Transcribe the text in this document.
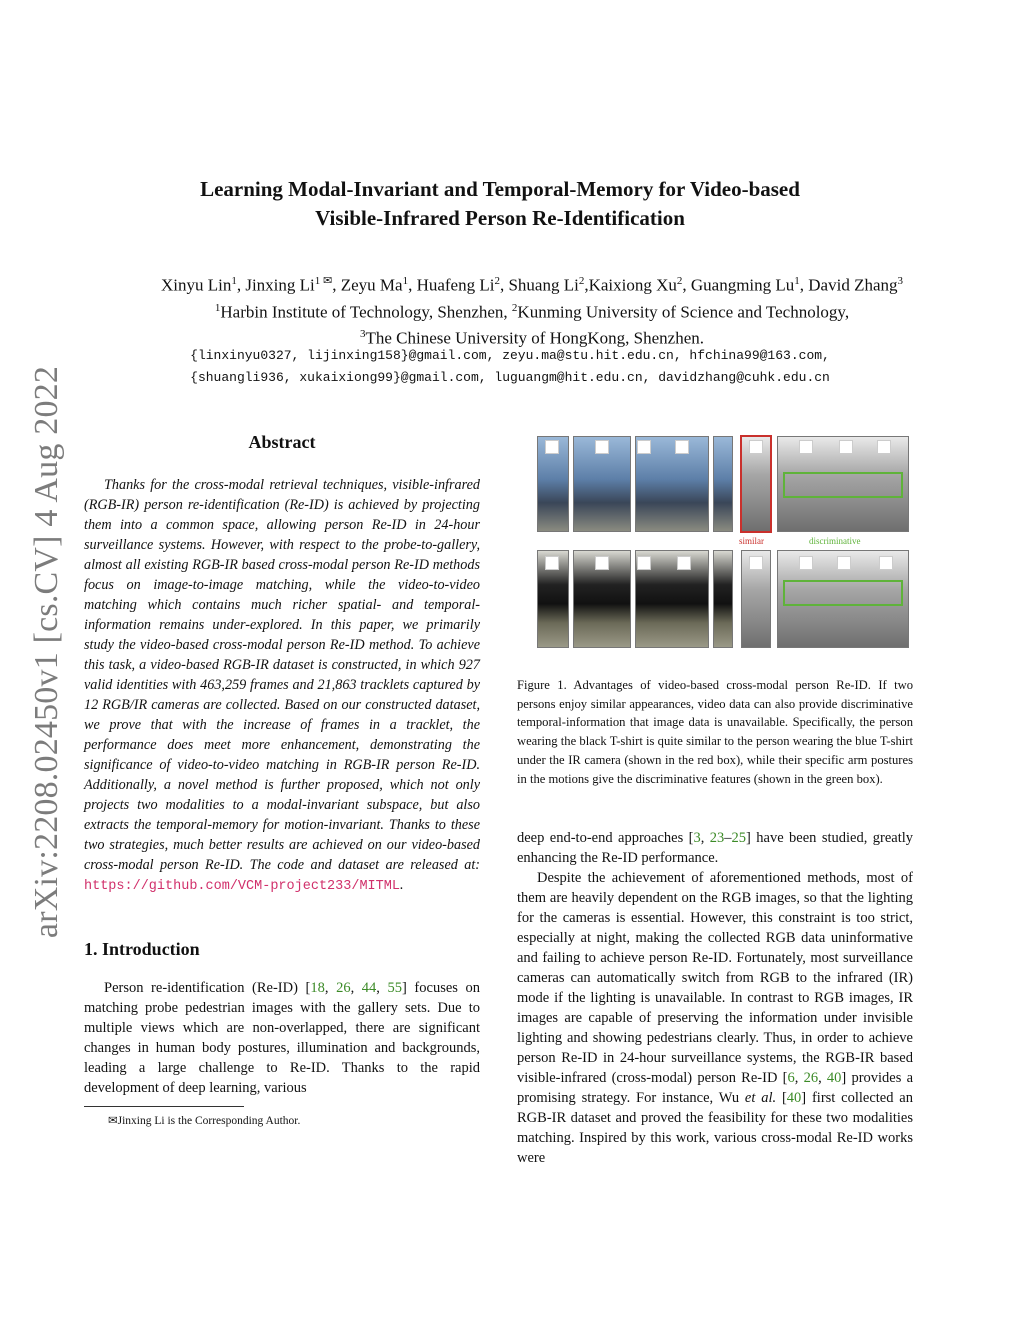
arXiv:2208.02450v1 [cs.CV] 4 Aug 2022
Learning Modal-Invariant and Temporal-Memory for Video-based
Visible-Infrared Person Re-Identification
Xinyu Lin$^1$, Jinxing $Li^{1 ✉}$, Zeyu Ma$^1$, Huafeng Li$^2$, Shuang Li$^2$,Kaixiong Xu$^2$, Guangming Lu$^1$, David Zhang$^3$
$^1$Harbin Institute of Technology, Shenzhen, $^2$Kunming University of Science and Technology,
$^3$The Chinese University of HongKong, Shenzhen.
{linxinyu0327, lijinxing158}@gmail.com, zeyu.ma@stu.hit.edu.cn, hfchina99@163.com,
{shuangli936, xukaixiong99}@gmail.com, luguangm@hit.edu.cn, davidzhang@cuhk.edu.cn
Abstract
Thanks for the cross-modal retrieval techniques, visible-infrared (RGB-IR) person re-identification (Re-ID) is achieved by projecting them into a common space, allowing person Re-ID in 24-hour surveillance systems. However, with respect to the probe-to-gallery, almost all existing RGB-IR based cross-modal person Re-ID methods focus on image-to-image matching, while the video-to-video matching which contains much richer spatial- and temporal-information remains under-explored. In this paper, we primarily study the video-based cross-modal person Re-ID method. To achieve this task, a video-based RGB-IR dataset is constructed, in which 927 valid identities with 463,259 frames and 21,863 tracklets captured by 12 RGB/IR cameras are collected. Based on our constructed dataset, we prove that with the increase of frames in a tracklet, the performance does meet more enhancement, demonstrating the significance of video-to-video matching in RGB-IR person Re-ID. Additionally, a novel method is further proposed, which not only projects two modalities to a modal-invariant subspace, but also extracts the temporal-memory for motion-invariant. Thanks to these two strategies, much better results are achieved on our video-based cross-modal person Re-ID. The code and dataset are released at: https://github.com/VCM-project233/MITML.
1. Introduction
Person re-identification (Re-ID) [18, 26, 44, 55] focuses on matching probe pedestrian images with the gallery sets. Due to multiple views which are non-overlapped, there are significant changes in human body postures, illumination and backgrounds, leading a large challenge to Re-ID. Thanks to the rapid development of deep learning, various
✉Jinxing Li is the Corresponding Author.
similar	discriminative
Figure 1. Advantages of video-based cross-modal person Re-ID. If two persons enjoy similar appearances, video data can also provide discriminative temporal-information that image data is unavailable. Specifically, the person wearing the black T-shirt is quite similar to the person wearing the blue T-shirt under the IR camera (shown in the red box), while their specific arm postures in the motions give the discriminative features (shown in the green box).
deep end-to-end approaches [3, 23–25] have been studied, greatly enhancing the Re-ID performance.
Despite the achievement of aforementioned methods, most of them are heavily dependent on the RGB images, so that the lighting for the cameras is essential. However, this constraint is too strict, especially at night, making the collected RGB data uninformative and failing to achieve person Re-ID. Fortunately, most surveillance cameras can automatically switch from RGB to the infrared (IR) mode if the lighting is unavailable. In contrast to RGB images, IR images are capable of preserving the information under invisible lighting and showing pedestrians clearly. Thus, in order to achieve person Re-ID in 24-hour surveillance systems, the RGB-IR based visible-infrared (cross-modal) person Re-ID [6, 26, 40] provides a promising strategy. For instance, Wu et al. [40] first collected an RGB-IR dataset and proved the feasibility for these two modalities matching. Inspired by this work, various cross-modal Re-ID works were
